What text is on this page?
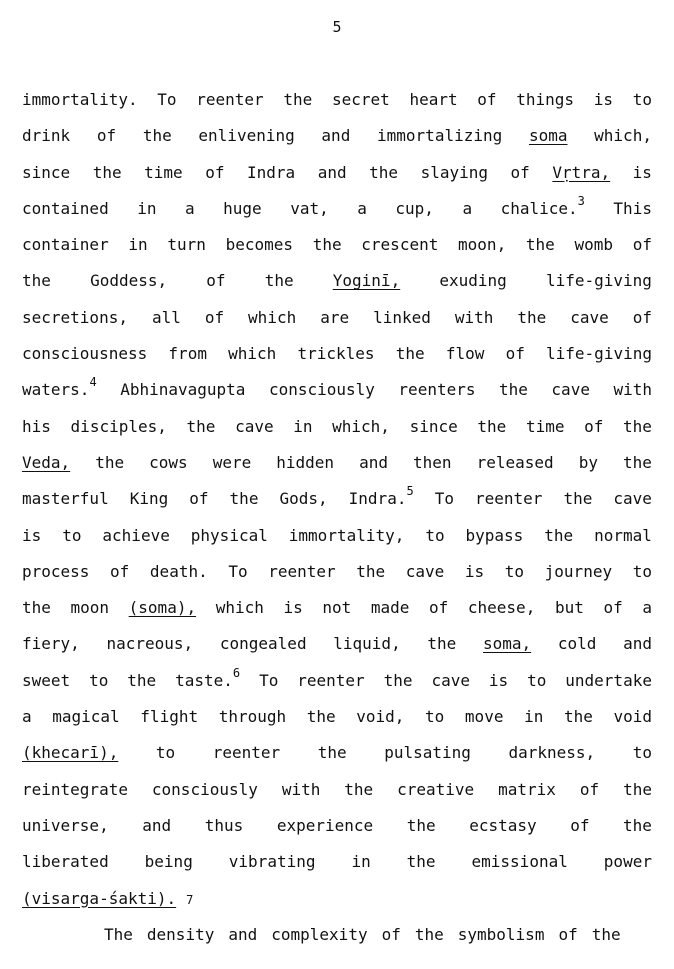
5
immortality. To reenter the secret heart of things is to
drink of the enlivening and immortalizing soma which,
since the time of Indra and the slaying of Vṛtra, is
contained in a huge vat, a cup, a chalice.$^3$ This
container in turn becomes the crescent moon, the womb of
the Goddess, of the Yoginī, exuding life-giving
secretions, all of which are linked with the cave of
consciousness from which trickles the flow of life-giving
waters.$^4$ Abhinavagupta consciously reenters the cave with
his disciples, the cave in which, since the time of the
Veda, the cows were hidden and then released by the
masterful King of the Gods, Indra.$^5$ To reenter the cave
is to achieve physical immortality, to bypass the normal
process of death. To reenter the cave is to journey to
the moon (soma), which is not made of cheese, but of a
fiery, nacreous, congealed liquid, the soma, cold and
sweet to the taste.$^6$ To reenter the cave is to undertake
a magical flight through the void, to move in the void
(khecarī), to reenter the pulsating darkness, to
reintegrate consciously with the creative matrix of the
universe, and thus experience the ecstasy of the
liberated being vibrating in the emissional power
(visarga-śakti). 7
The density and complexity of the symbolism of the
